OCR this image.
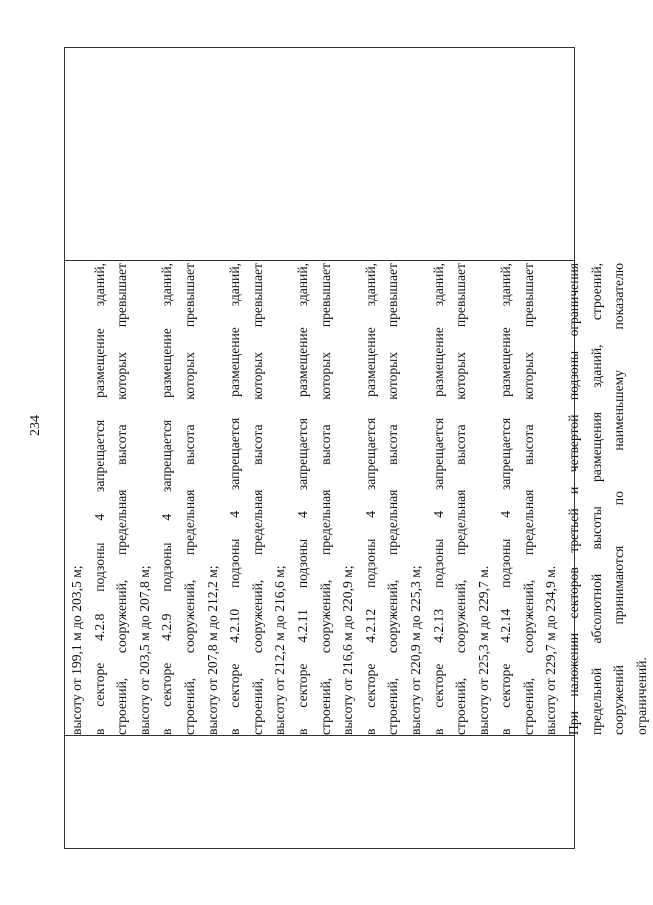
234
высоту от 199,1 м до 203,5 м; в секторе 4.2.8 подзоны 4 запрещается размещение зданий, строений, сооружений, предельная высота которых превышает высоту от 203,5 м до 207,8 м; в секторе 4.2.9 подзоны 4 запрещается размещение зданий, строений, сооружений, предельная высота которых превышает высоту от 207,8 м до 212,2 м; в секторе 4.2.10 подзоны 4 запрещается размещение зданий, строений, сооружений, предельная высота которых превышает высоту от 212,2 м до 216,6 м; в секторе 4.2.11 подзоны 4 запрещается размещение зданий, строений, сооружений, предельная высота которых превышает высоту от 216,6 м до 220,9 м; в секторе 4.2.12 подзоны 4 запрещается размещение зданий, строений, сооружений, предельная высота которых превышает высоту от 220,9 м до 225,3 м; в секторе 4.2.13 подзоны 4 запрещается размещение зданий, строений, сооружений, предельная высота которых превышает высоту от 225,3 м до 229,7 м. в секторе 4.2.14 подзоны 4 запрещается размещение зданий, строений, сооружений, предельная высота которых превышает высоту от 229,7 м до 234,9 м. При наложении секторов третьей и четвертой подзоны ограничения предельной абсолютной высоты размещения зданий, строений, сооружений принимаются по наименьшему показателю ограничений.
